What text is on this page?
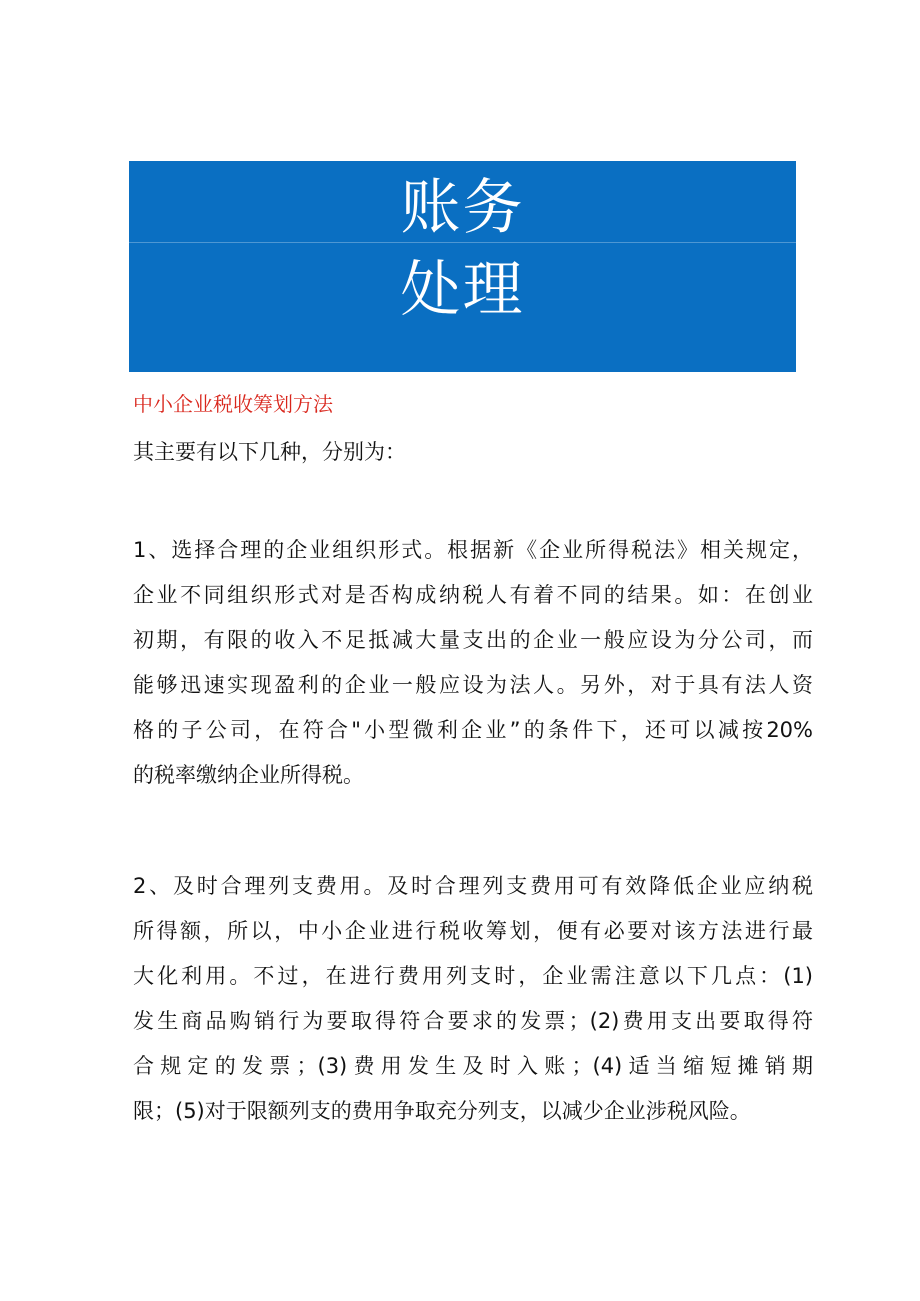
账务
处理
中小企业税收筹划方法
其主要有以下几种，分别为：
1、选择合理的企业组织形式。根据新《企业所得税法》相关规定，
企业不同组织形式对是否构成纳税人有着不同的结果。如：在创业
初期，有限的收入不足抵减大量支出的企业一般应设为分公司，而
能够迅速实现盈利的企业一般应设为法人。另外，对于具有法人资
格的子公司，在符合"小型微利企业”的条件下，还可以减按20%
的税率缴纳企业所得税。
2、及时合理列支费用。及时合理列支费用可有效降低企业应纳税
所得额，所以，中小企业进行税收筹划，便有必要对该方法进行最
大化利用。不过，在进行费用列支时，企业需注意以下几点：(1)
发生商品购销行为要取得符合要求的发票；(2)费用支出要取得符
合规定的发票；(3)费用发生及时入账；(4)适当缩短摊销期
限；(5)对于限额列支的费用争取充分列支，以减少企业涉税风险。
